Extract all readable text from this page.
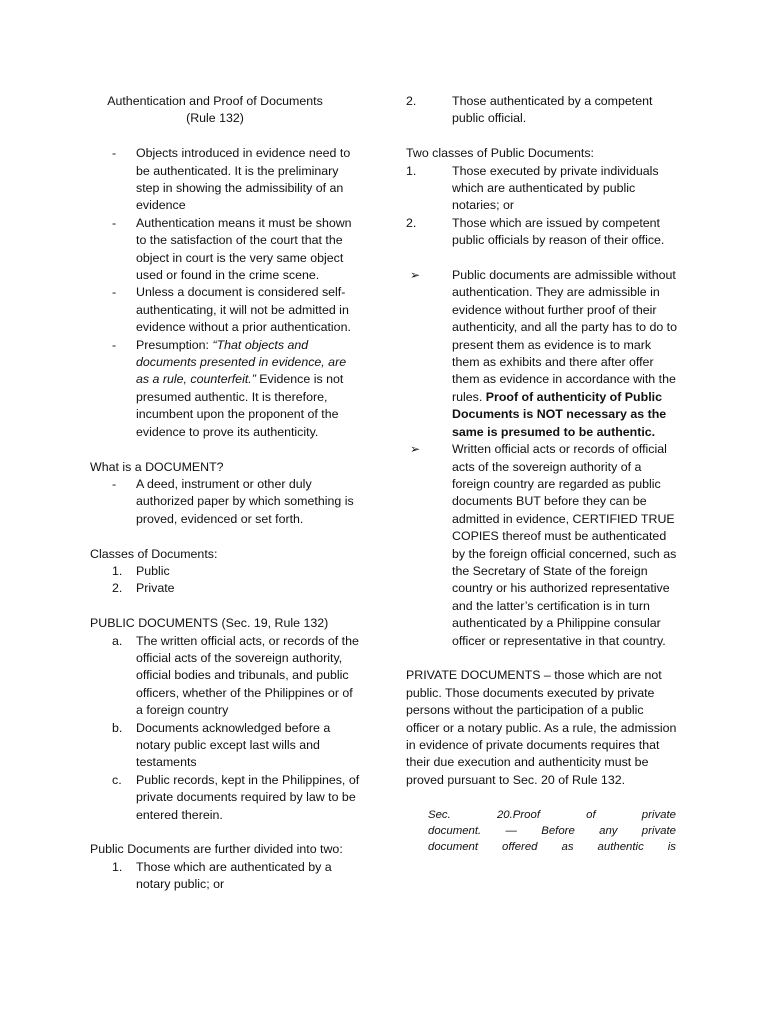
Authentication and Proof of Documents

(Rule 132)

- Objects introduced in evidence need to be authenticated. It is the preliminary step in showing the admissibility of an evidence
- Authentication means it must be shown to the satisfaction of the court that the object in court is the very same object used or found in the crime scene.
- Unless a document is considered self-authenticating, it will not be admitted in evidence without a prior authentication.
- Presumption: “That objects and documents presented in evidence, are as a rule, counterfeit.” Evidence is not presumed authentic. It is therefore, incumbent upon the proponent of the evidence to prove its authenticity.

What is a DOCUMENT?

- A deed, instrument or other duly authorized paper by which something is proved, evidenced or set forth.

Classes of Documents:

1. Public
2. Private

PUBLIC DOCUMENTS (Sec. 19, Rule 132)

a. The written official acts, or records of the official acts of the sovereign authority, official bodies and tribunals, and public officers, whether of the Philippines or of a foreign country
b. Documents acknowledged before a notary public except last wills and testaments
c. Public records, kept in the Philippines, of private documents required by law to be entered therein.

Public Documents are further divided into two:

1. Those which are authenticated by a notary public; or
2.	Those authenticated by a competent public official.

Two classes of Public Documents:

1.	Those executed by private individuals which are authenticated by public notaries; or
2.	Those which are issued by competent public officials by reason of their office.
➢	Public documents are admissible without authentication. They are admissible in evidence without further proof of their authenticity, and all the party has to do to present them as evidence is to mark them as exhibits and there after offer them as evidence in accordance with the rules. Proof of authenticity of Public Documents is NOT necessary as the same is presumed to be authentic.
➢	Written official acts or records of official acts of the sovereign authority of a foreign country are regarded as public documents BUT before they can be admitted in evidence, CERTIFIED TRUE COPIES thereof must be authenticated by the foreign official concerned, such as the Secretary of State of the foreign country or his authorized representative and the latter’s certification is in turn authenticated by a Philippine consular officer or representative in that country.

PRIVATE DOCUMENTS – those which are not public. Those documents executed by private persons without the participation of a public officer or a notary public. As a rule, the admission in evidence of private documents requires that their due execution and authenticity must be proved pursuant to Sec. 20 of Rule 132.

Sec. 20.Proof of private
document. — Before any private
document offered as authentic is
